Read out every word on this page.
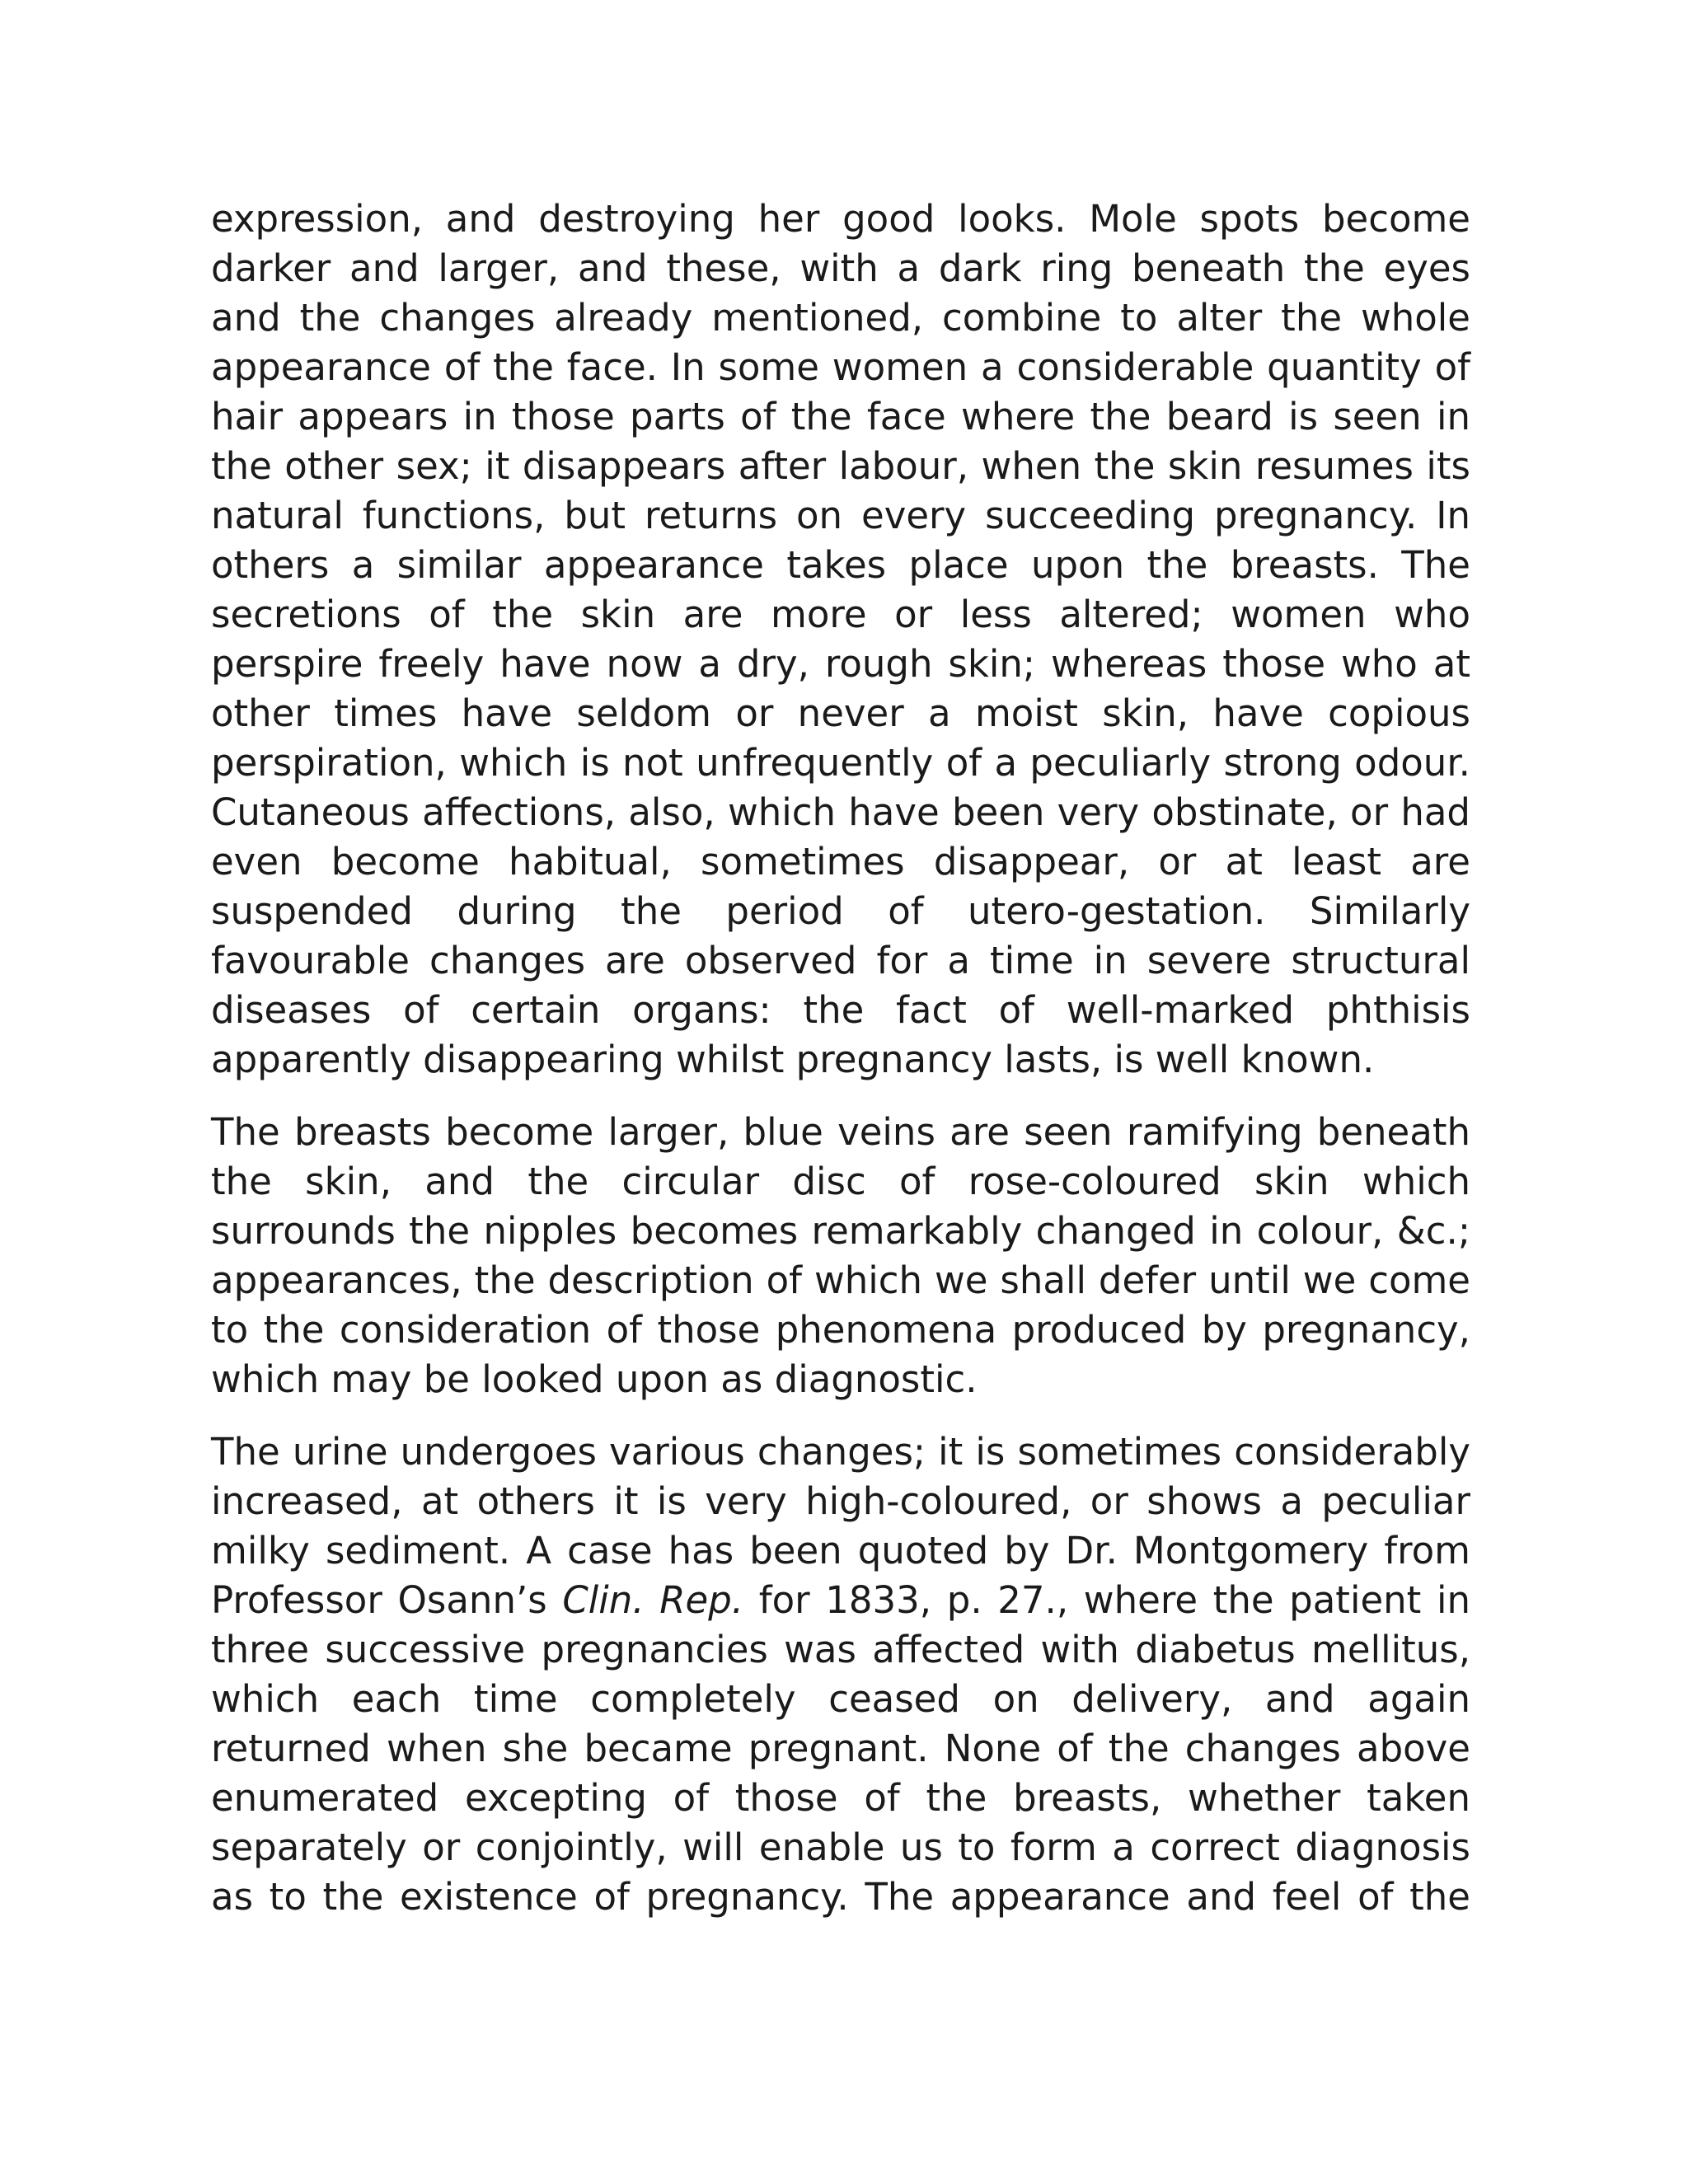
expression, and destroying her good looks. Mole spots become darker and larger, and these, with a dark ring beneath the eyes and the changes already mentioned, combine to alter the whole appearance of the face. In some women a considerable quantity of hair appears in those parts of the face where the beard is seen in the other sex; it disappears after labour, when the skin resumes its natural functions, but returns on every succeeding pregnancy. In others a similar appearance takes place upon the breasts. The secretions of the skin are more or less altered; women who perspire freely have now a dry, rough skin; whereas those who at other times have seldom or never a moist skin, have copious perspiration, which is not unfrequently of a peculiarly strong odour. Cutaneous affections, also, which have been very obstinate, or had even become habitual, sometimes disappear, or at least are suspended during the period of utero-gestation. Similarly favourable changes are observed for a time in severe structural diseases of certain organs: the fact of well-marked phthisis apparently disappearing whilst pregnancy lasts, is well known.

The breasts become larger, blue veins are seen ramifying beneath the skin, and the circular disc of rose-coloured skin which surrounds the nipples becomes remarkably changed in colour, &c.; appearances, the description of which we shall defer until we come to the consideration of those phenomena produced by pregnancy, which may be looked upon as diagnostic.

The urine undergoes various changes; it is sometimes considerably increased, at others it is very high-coloured, or shows a peculiar milky sediment. A case has been quoted by Dr. Montgomery from Professor Osann’s Clin. Rep. for 1833, p. 27., where the patient in three successive pregnancies was affected with diabetus mellitus, which each time completely ceased on delivery, and again returned when she became pregnant. None of the changes above enumerated excepting of those of the breasts, whether taken separately or conjointly, will enable us to form a correct diagnosis as to the existence of pregnancy. The appearance and feel of the
